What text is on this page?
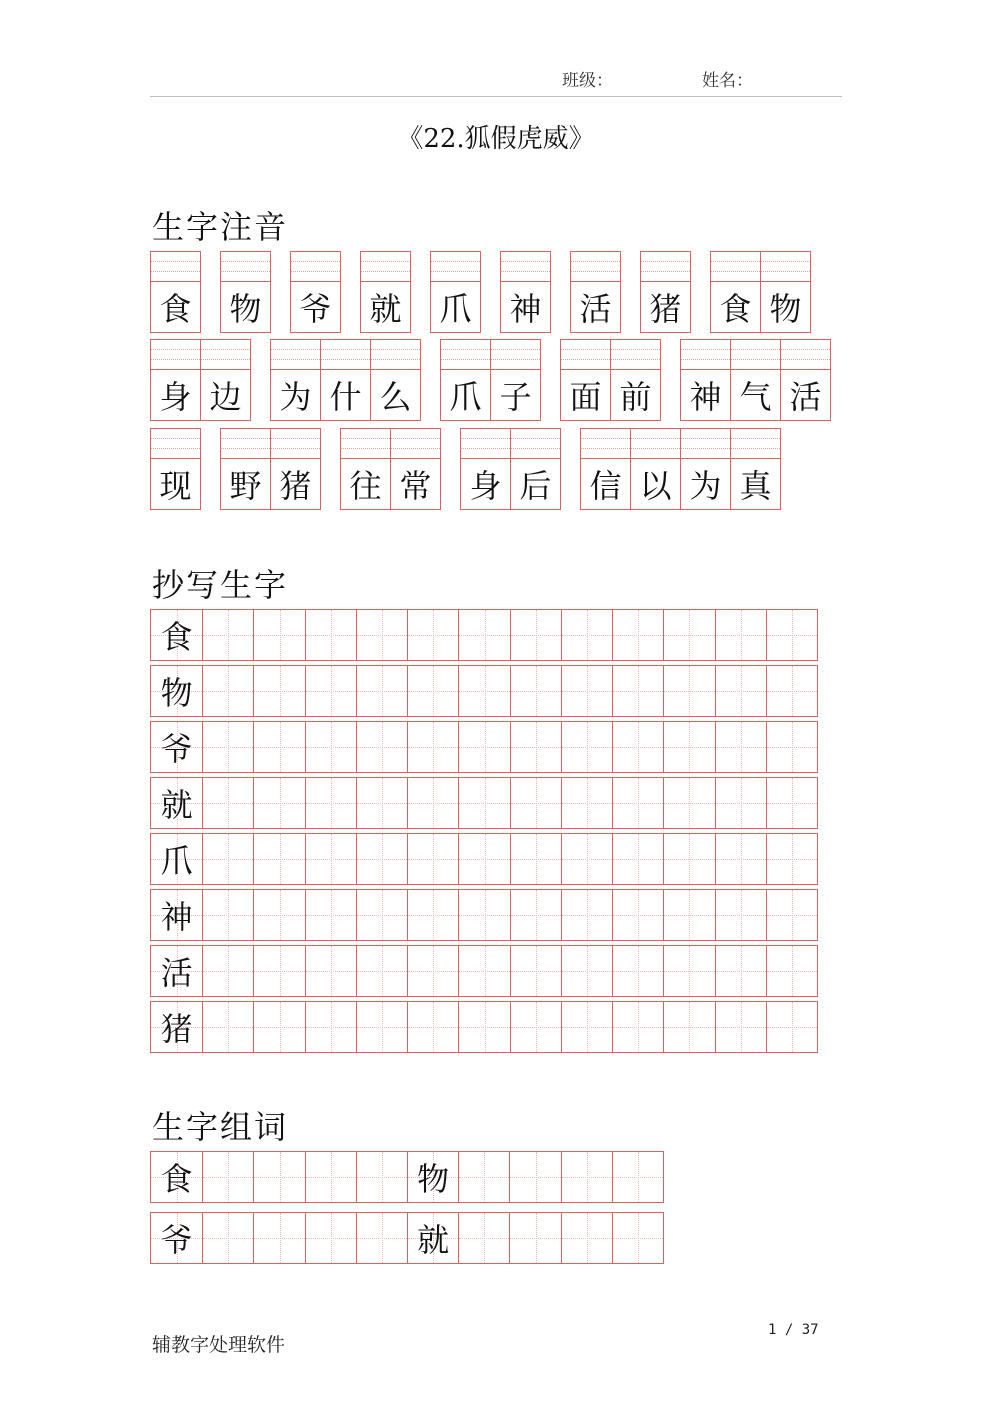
班级：	姓名：
《22.狐假虎威》
生字注音
食 物 爷 就 爪 神 活 猪 食 物
身 边 为 什 么 爪 子 面 前 神 气 活
现 野 猪 往 常 身 后 信 以 为 真
抄写生字
食
物
爷
就
爪
神
活
猪
生字组词
食	物
爷	就
辅教字处理软件
1 / 37
